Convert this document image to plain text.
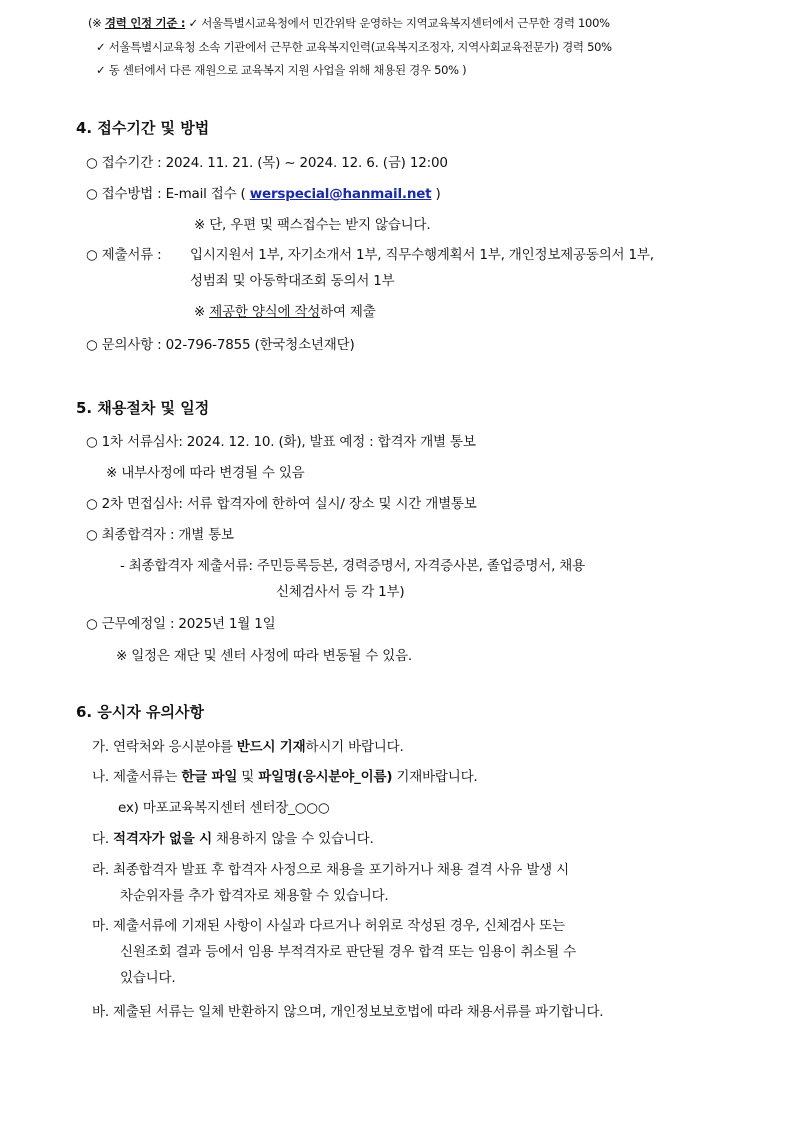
(※ 경력 인정 기준 : ✓ 서울특별시교육청에서 민간위탁 운영하는 지역교육복지센터에서 근무한 경력 100%
✓ 서울특별시교육청 소속 기관에서 근무한 교육복지인력(교육복지조정자, 지역사회교육전문가) 경력 50%
✓ 동 센터에서 다른 재원으로 교육복지 지원 사업을 위해 채용된 경우 50% )
4. 접수기간 및 방법
○ 접수기간 : 2024. 11. 21. (목) ~ 2024. 12. 6. (금) 12:00
○ 접수방법 : E-mail 접수 ( werspecial@hanmail.net )
※ 단, 우편 및 팩스접수는 받지 않습니다.
○ 제출서류 : 입시지원서 1부, 자기소개서 1부, 직무수행계획서 1부, 개인정보제공동의서 1부,
성범죄 및 아동학대조회 동의서 1부
※ 제공한 양식에 작성하여 제출
○ 문의사항 : 02-796-7855 (한국청소년재단)
5. 채용절차 및 일정
○ 1차 서류심사: 2024. 12. 10. (화), 발표 예정 : 합격자 개별 통보
※ 내부사정에 따라 변경될 수 있음
○ 2차 면접심사: 서류 합격자에 한하여 실시/ 장소 및 시간 개별통보
○ 최종합격자 : 개별 통보
- 최종합격자 제출서류: 주민등록등본, 경력증명서, 자격증사본, 졸업증명서, 채용
신체검사서 등 각 1부)
○ 근무예정일 : 2025년 1월 1일
※ 일정은 재단 및 센터 사정에 따라 변동될 수 있음.
6. 응시자 유의사항
가. 연락처와 응시분야를 반드시 기재하시기 바랍니다.
나. 제출서류는 한글 파일 및 파일명(응시분야_이름) 기재바랍니다.
ex) 마포교육복지센터 센터장_○○○
다. 적격자가 없을 시 채용하지 않을 수 있습니다.
라. 최종합격자 발표 후 합격자 사정으로 채용을 포기하거나 채용 결격 사유 발생 시
차순위자를 추가 합격자로 채용할 수 있습니다.
마. 제출서류에 기재된 사항이 사실과 다르거나 허위로 작성된 경우, 신체검사 또는
신원조회 결과 등에서 임용 부적격자로 판단될 경우 합격 또는 임용이 취소될 수
있습니다.
바. 제출된 서류는 일체 반환하지 않으며, 개인정보보호법에 따라 채용서류를 파기합니다.
